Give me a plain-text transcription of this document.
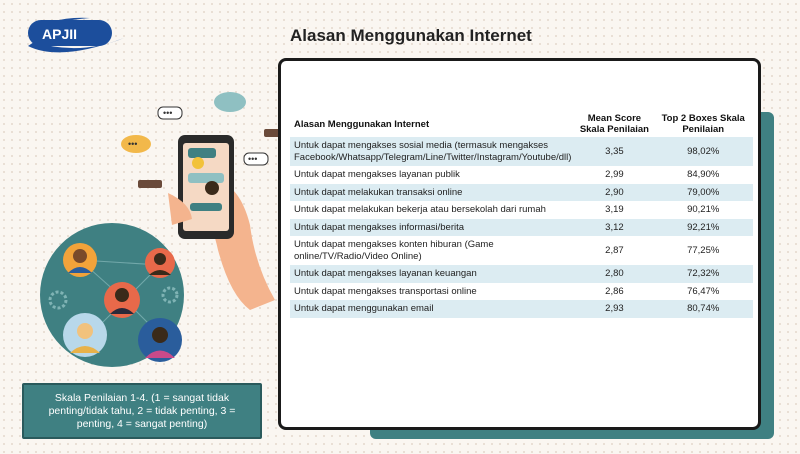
APJII	Alasan Menggunakan Internet
•••
•••
•••
Skala Penilaian 1-4. (1 = sangat tidak penting/tidak tahu, 2 = tidak penting, 3 = penting, 4 = sangat penting)
Alasan Menggunakan Internet	Mean Score Skala Penilaian	Top 2 Boxes Skala Penilaian
Untuk dapat mengakses sosial media (termasuk mengakses Facebook/Whatsapp/Telegram/Line/Twitter/Instagram/Youtube/dll)	3,35	98,02%
Untuk dapat mengakses layanan publik	2,99	84,90%
Untuk dapat melakukan transaksi online	2,90	79,00%
Untuk dapat melakukan bekerja atau bersekolah dari rumah	3,19	90,21%
Untuk dapat mengakses informasi/berita	3,12	92,21%
Untuk dapat mengakses konten hiburan (Game online/TV/Radio/Video Online)	2,87	77,25%
Untuk dapat mengakses layanan keuangan	2,80	72,32%
Untuk dapat mengakses transportasi online	2,86	76,47%
Untuk dapat menggunakan email	2,93	80,74%
